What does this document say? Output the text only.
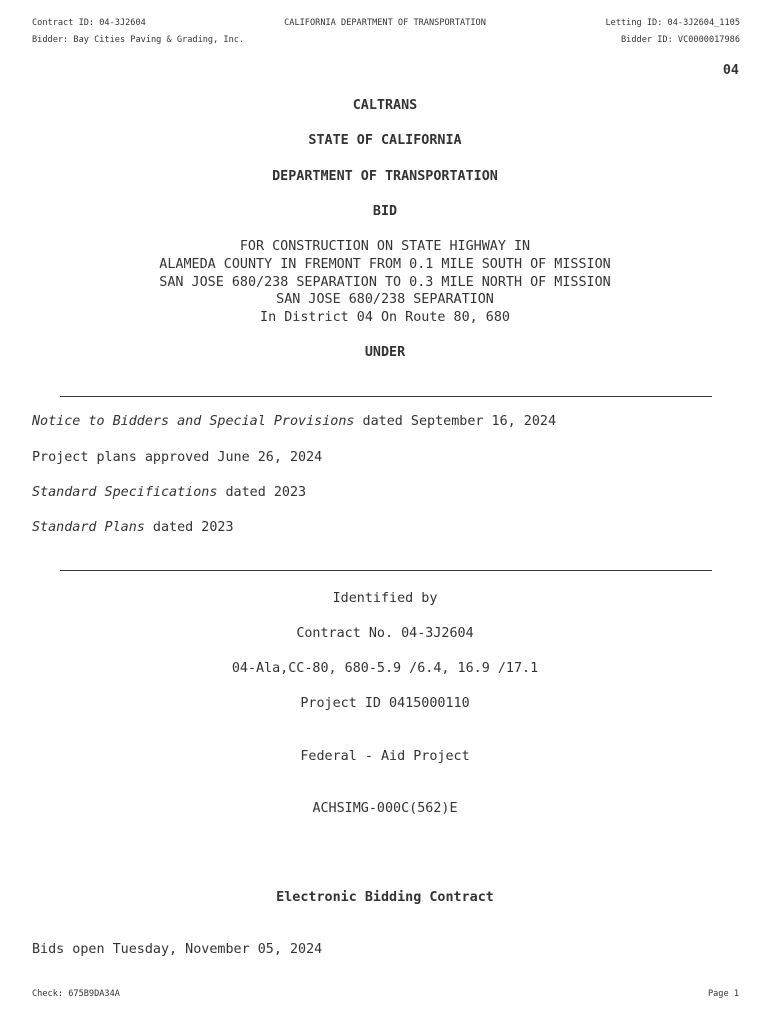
Contract ID: 04-3J2604
Bidder: Bay Cities Paving & Grading, Inc.
CALIFORNIA DEPARTMENT OF TRANSPORTATION	Letting ID: 04-3J2604_1105
Bidder ID: VC0000017986
04
CALTRANS
STATE OF CALIFORNIA
DEPARTMENT OF TRANSPORTATION
BID
FOR CONSTRUCTION ON STATE HIGHWAY IN
ALAMEDA COUNTY IN FREMONT FROM 0.1 MILE SOUTH OF MISSION
SAN JOSE 680/238 SEPARATION TO 0.3 MILE NORTH OF MISSION
SAN JOSE 680/238 SEPARATION
In District 04 On Route 80, 680
UNDER
Notice to Bidders and Special Provisions dated September 16, 2024
Project plans approved June 26, 2024
Standard Specifications dated 2023
Standard Plans dated 2023
Identified by
Contract No. 04-3J2604
04-Ala,CC-80, 680-5.9 /6.4, 16.9 /17.1
Project ID 0415000110
Federal - Aid Project
ACHSIMG-000C(562)E
Electronic Bidding Contract
Bids open Tuesday, November 05, 2024
Check: 675B9DA34A	Page 1
